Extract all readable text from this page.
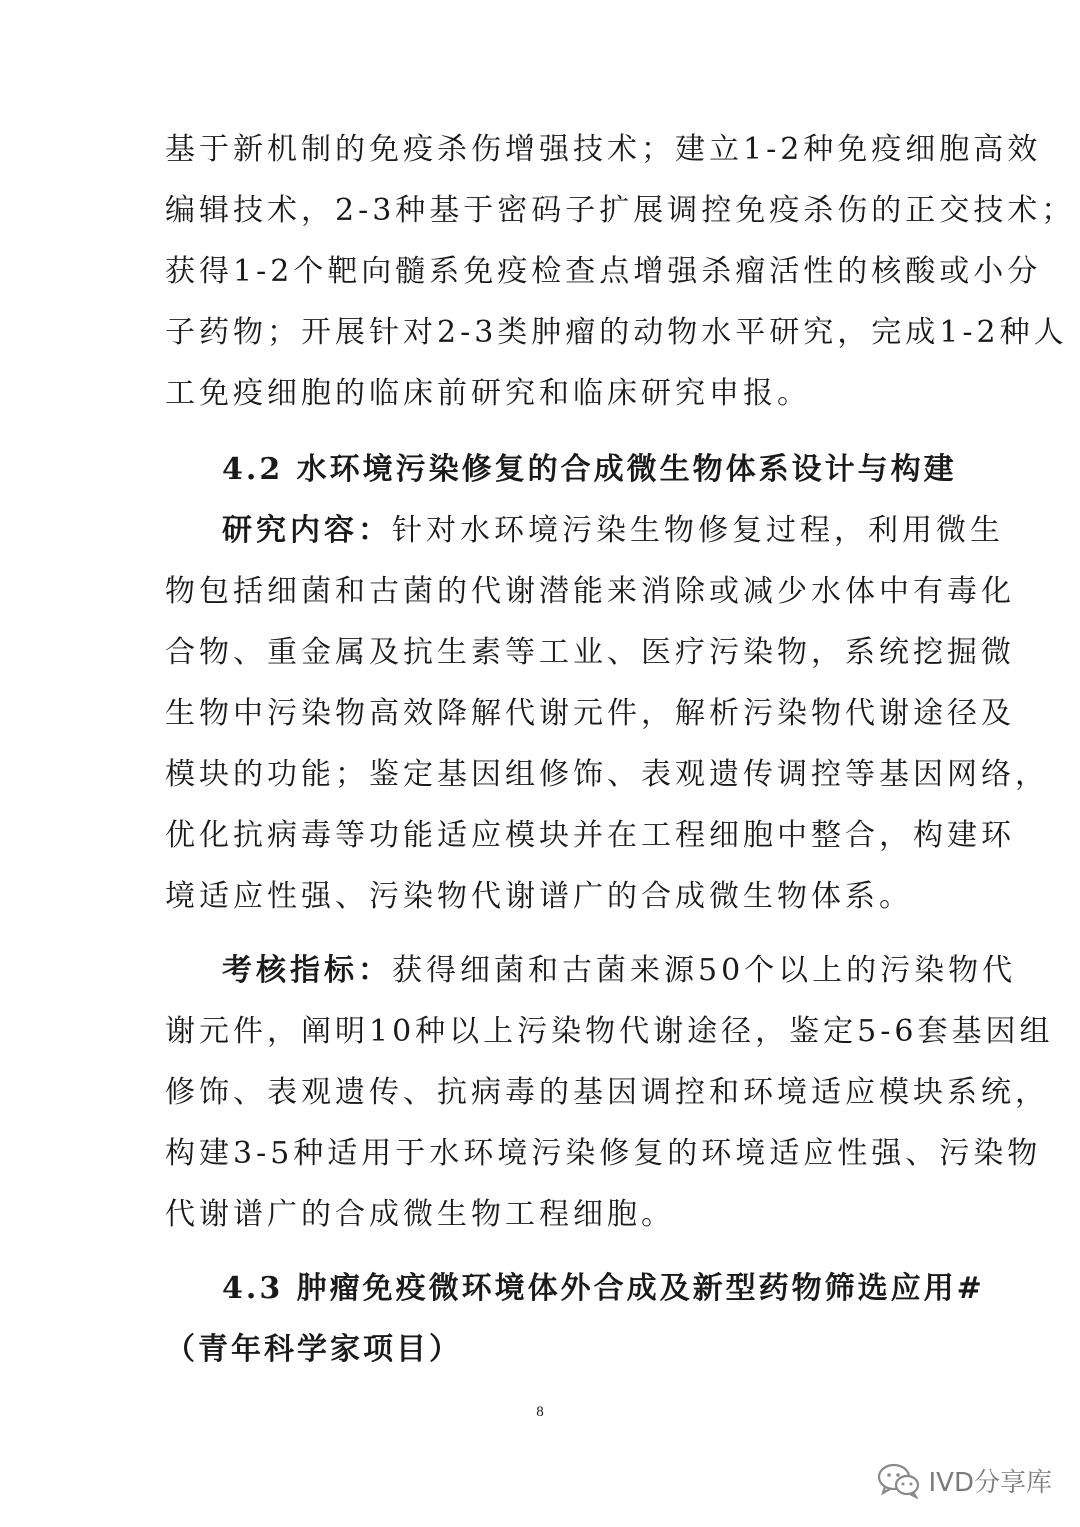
基于新机制的免疫杀伤增强技术；建立1-2种免疫细胞高效
编辑技术，2-3种基于密码子扩展调控免疫杀伤的正交技术；
获得1-2个靶向髓系免疫检查点增强杀瘤活性的核酸或小分
子药物；开展针对2-3类肿瘤的动物水平研究，完成1-2种人
工免疫细胞的临床前研究和临床研究申报。
4.2 水环境污染修复的合成微生物体系设计与构建
研究内容：针对水环境污染生物修复过程，利用微生
物包括细菌和古菌的代谢潜能来消除或减少水体中有毒化
合物、重金属及抗生素等工业、医疗污染物，系统挖掘微
生物中污染物高效降解代谢元件，解析污染物代谢途径及
模块的功能；鉴定基因组修饰、表观遗传调控等基因网络，
优化抗病毒等功能适应模块并在工程细胞中整合，构建环
境适应性强、污染物代谢谱广的合成微生物体系。
考核指标：获得细菌和古菌来源50个以上的污染物代
谢元件，阐明10种以上污染物代谢途径，鉴定5-6套基因组
修饰、表观遗传、抗病毒的基因调控和环境适应模块系统，
构建3-5种适用于水环境污染修复的环境适应性强、污染物
代谢谱广的合成微生物工程细胞。
4.3 肿瘤免疫微环境体外合成及新型药物筛选应用#
（青年科学家项目）
8
IVD分享库
